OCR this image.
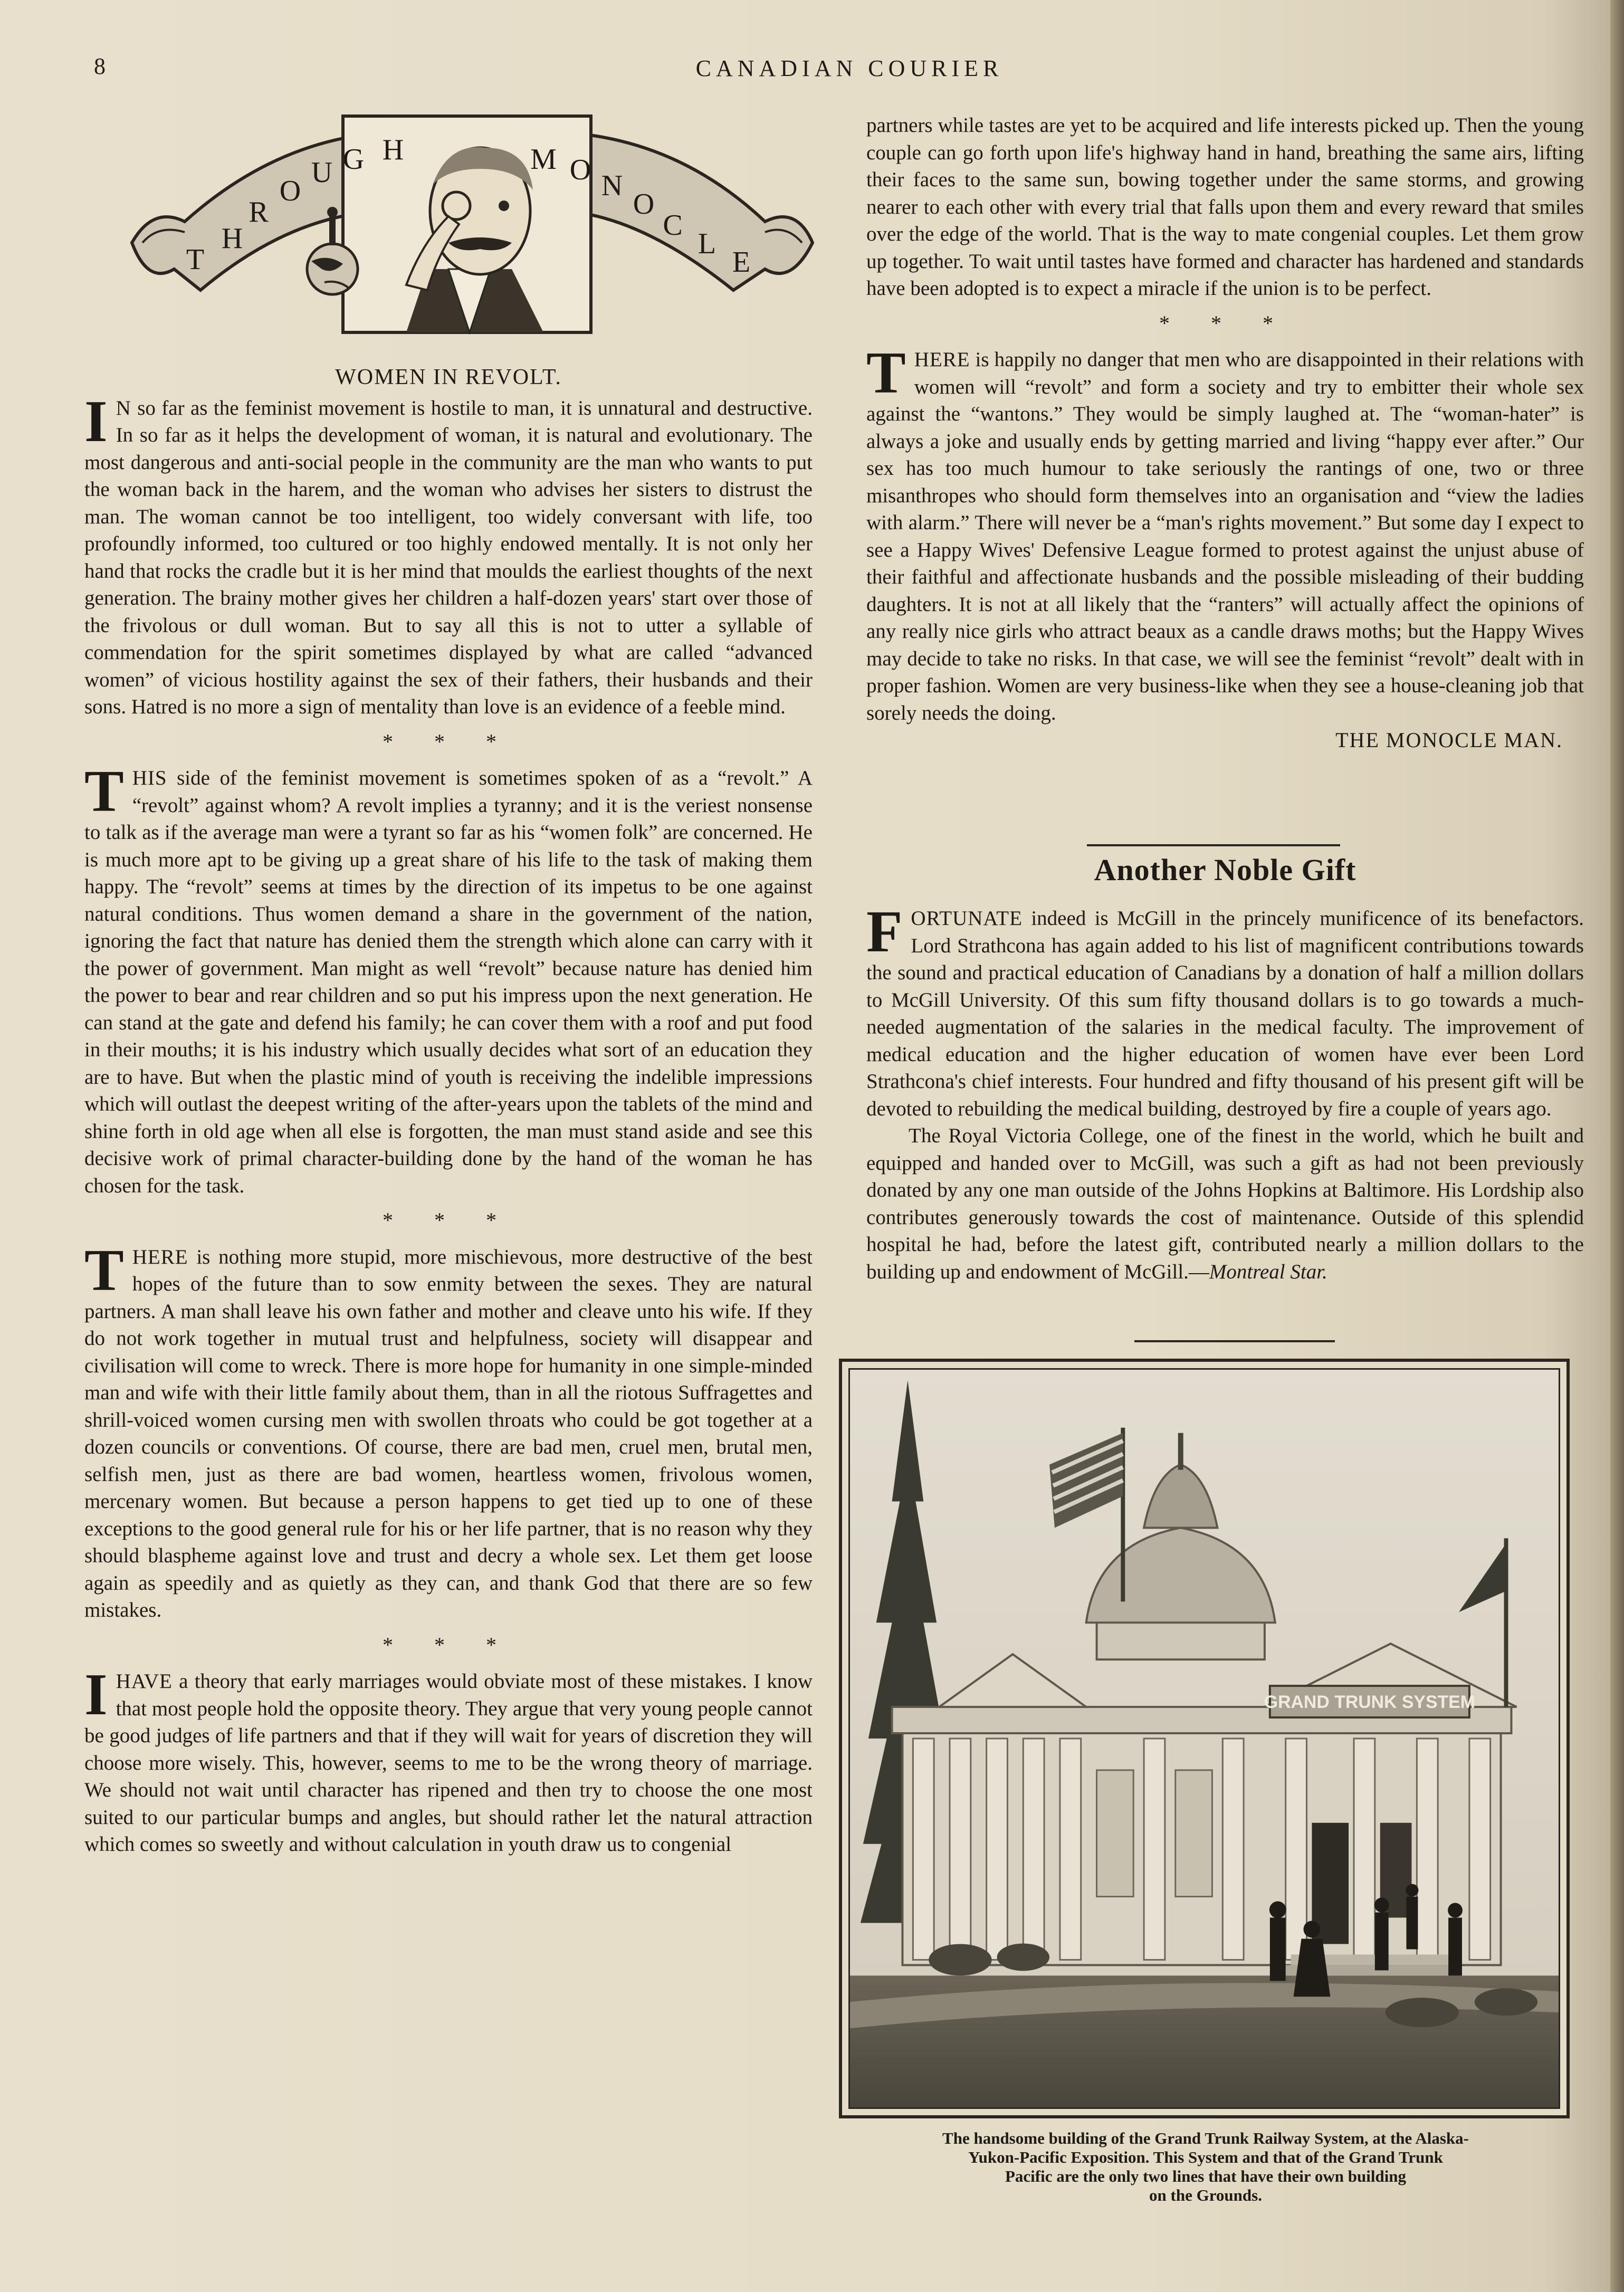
8	CANADIAN COURIER
T
H
R
O
U G H	M O N
O
C
L
E
WOMEN IN REVOLT.

I N so far as the feminist movement is hostile to man, it is unnatural and destructive. In so far as it helps the development of woman, it is natural and evolutionary. The most dangerous and anti-social people in the community are the man who wants to put the woman back in the harem, and the woman who advises her sisters to distrust the man. The woman cannot be too intelligent, too widely conversant with life, too profoundly informed, too cultured or too highly endowed mentally. It is not only her hand that rocks the cradle but it is her mind that moulds the earliest thoughts of the next generation. The brainy mother gives her children a half-dozen years' start over those of the frivolous or dull woman. But to say all this is not to utter a syllable of commendation for the spirit sometimes displayed by what are called “advanced women” of vicious hostility against the sex of their fathers, their husbands and their sons. Hatred is no more a sign of mentality than love is an evidence of a feeble mind.

* * *

THIS side of the feminist movement is sometimes spoken of as a “revolt.” A “revolt” against whom? A revolt implies a tyranny; and it is the veriest nonsense to talk as if the average man were a tyrant so far as his “women folk” are concerned. He is much more apt to be giving up a great share of his life to the task of making them happy. The “revolt” seems at times by the direction of its impetus to be one against natural conditions. Thus women demand a share in the government of the nation, ignoring the fact that nature has denied them the strength which alone can carry with it the power of government. Man might as well “revolt” because nature has denied him the power to bear and rear children and so put his impress upon the next generation. He can stand at the gate and defend his family; he can cover them with a roof and put food in their mouths; it is his industry which usually decides what sort of an education they are to have. But when the plastic mind of youth is receiving the indelible impressions which will outlast the deepest writing of the after-years upon the tablets of the mind and shine forth in old age when all else is forgotten, the man must stand aside and see this decisive work of primal character-building done by the hand of the woman he has chosen for the task.

* * *

THERE is nothing more stupid, more mischievous, more destructive of the best hopes of the future than to sow enmity between the sexes. They are natural partners. A man shall leave his own father and mother and cleave unto his wife. If they do not work together in mutual trust and helpfulness, society will disappear and civilisation will come to wreck. There is more hope for humanity in one simple-minded man and wife with their little family about them, than in all the riotous Suffragettes and shrill-voiced women cursing men with swollen throats who could be got together at a dozen councils or conventions. Of course, there are bad men, cruel men, brutal men, selfish men, just as there are bad women, heartless women, frivolous women, mercenary women. But because a person happens to get tied up to one of these exceptions to the good general rule for his or her life partner, that is no reason why they should blaspheme against love and trust and decry a whole sex. Let them get loose again as speedily and as quietly as they can, and thank God that there are so few mistakes.

* * *

IHAVE a theory that early marriages would obviate most of these mistakes. I know that most people hold the opposite theory. They argue that very young people cannot be good judges of life partners and that if they will wait for years of discretion they will choose more wisely. This, however, seems to me to be the wrong theory of marriage. We should not wait until character has ripened and then try to choose the one most suited to our particular bumps and angles, but should rather let the natural attraction which comes so sweetly and without calculation in youth draw us to congenial

partners while tastes are yet to be acquired and life interests picked up. Then the young couple can go forth upon life's highway hand in hand, breathing the same airs, lifting their faces to the same sun, bowing together under the same storms, and growing nearer to each other with every trial that falls upon them and every reward that smiles over the edge of the world. That is the way to mate congenial couples. Let them grow up together. To wait until tastes have formed and character has hardened and standards have been adopted is to expect a miracle if the union is to be perfect.

* * *

THERE is happily no danger that men who are disappointed in their relations with women will “revolt” and form a society and try to embitter their whole sex against the “wantons.” They would be simply laughed at. The “woman-hater” is always a joke and usually ends by getting married and living “happy ever after.” Our sex has too much humour to take seriously the rantings of one, two or three misanthropes who should form themselves into an organisation and “view the ladies with alarm.” There will never be a “man's rights movement.” But some day I expect to see a Happy Wives' Defensive League formed to protest against the unjust abuse of their faithful and affectionate husbands and the possible misleading of their budding daughters. It is not at all likely that the “ranters” will actually affect the opinions of any really nice girls who attract beaux as a candle draws moths; but the Happy Wives may decide to take no risks. In that case, we will see the feminist “revolt” dealt with in proper fashion. Women are very business-like when they see a house-cleaning job that sorely needs the doing.

THE MONOCLE MAN.
Another Noble Gift

FORTUNATE indeed is McGill in the princely munificence of its benefactors. Lord Strathcona has again added to his list of magnificent contributions towards the sound and practical education of Canadians by a donation of half a million dollars to McGill University. Of this sum fifty thousand dollars is to go towards a much-needed augmentation of the salaries in the medical faculty. The improvement of medical education and the higher education of women have ever been Lord Strathcona's chief interests. Four hundred and fifty thousand of his present gift will be devoted to rebuilding the medical building, destroyed by fire a couple of years ago.

The Royal Victoria College, one of the finest in the world, which he built and equipped and handed over to McGill, was such a gift as had not been previously donated by any one man outside of the Johns Hopkins at Baltimore. His Lordship also contributes generously towards the cost of maintenance. Outside of this splendid hospital he had, before the latest gift, contributed nearly a million dollars to the building up and endowment of McGill.—Montreal Star.

GRAND TRUNK SYSTEM
The handsome building of the Grand Trunk Railway System, at the Alaska-
Yukon-Pacific Exposition. This System and that of the Grand Trunk
Pacific are the only two lines that have their own building
on the Grounds.
